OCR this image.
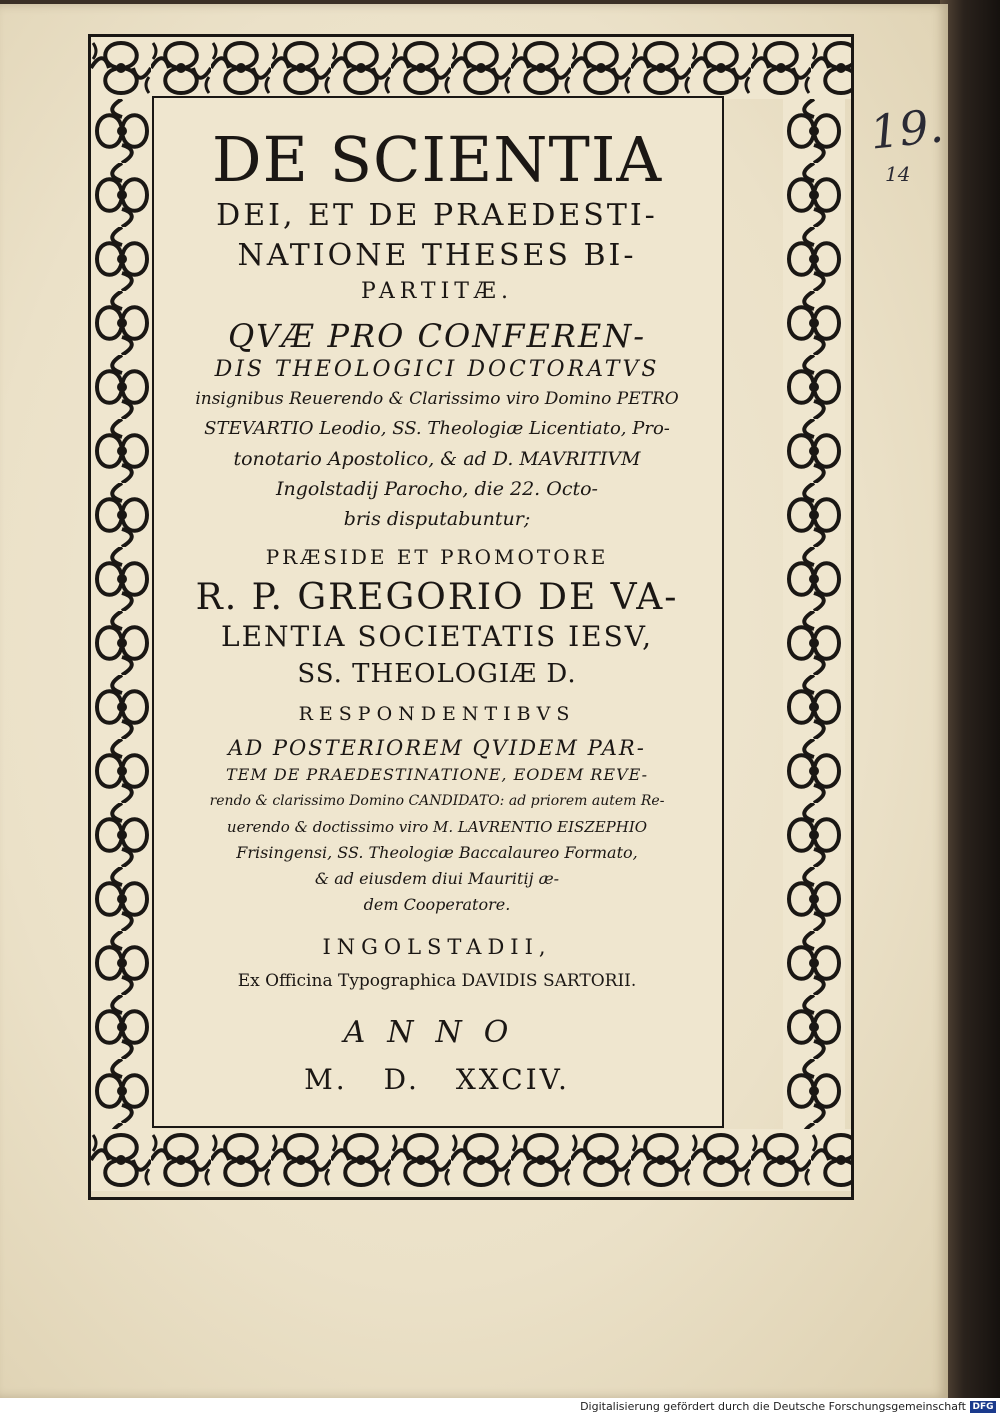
DE SCIENTIA
DEI, ET DE PRAEDESTI-
NATIONE THESES BI-
PARTITÆ.
QVÆ PRO CONFEREN-
DIS THEOLOGICI DOCTORATVS
insignibus Reuerendo & Clarissimo viro Domino PETRO
STEVARTIO Leodio, SS. Theologiæ Licentiato, Pro-
tonotario Apostolico, & ad D. MAVRITIVM
Ingolstadij Parocho, die 22. Octo-
bris disputabuntur;
PRÆSIDE ET PROMOTORE
R. P. GREGORIO DE VA-
LENTIA SOCIETATIS IESV,
SS. THEOLOGIÆ D.
RESPONDENTIBVS
AD POSTERIOREM QVIDEM PAR-
TEM DE PRAEDESTINATIONE, EODEM REVE-
rendo & clarissimo Domino CANDIDATO: ad priorem autem Re-
uerendo & doctissimo viro M. LAVRENTIO EISZEPHIO
Frisingensi, SS. Theologiæ Baccalaureo Formato,
& ad eiusdem diui Mauritij æ-
dem Cooperatore.
INGOLSTADII,
Ex Officina Typographica DAVIDIS SARTORII.
ANNO
M. D. XXCIV.
19.
14
Digitalisierung gefördert durch die Deutsche Forschungsgemeinschaft DFG
